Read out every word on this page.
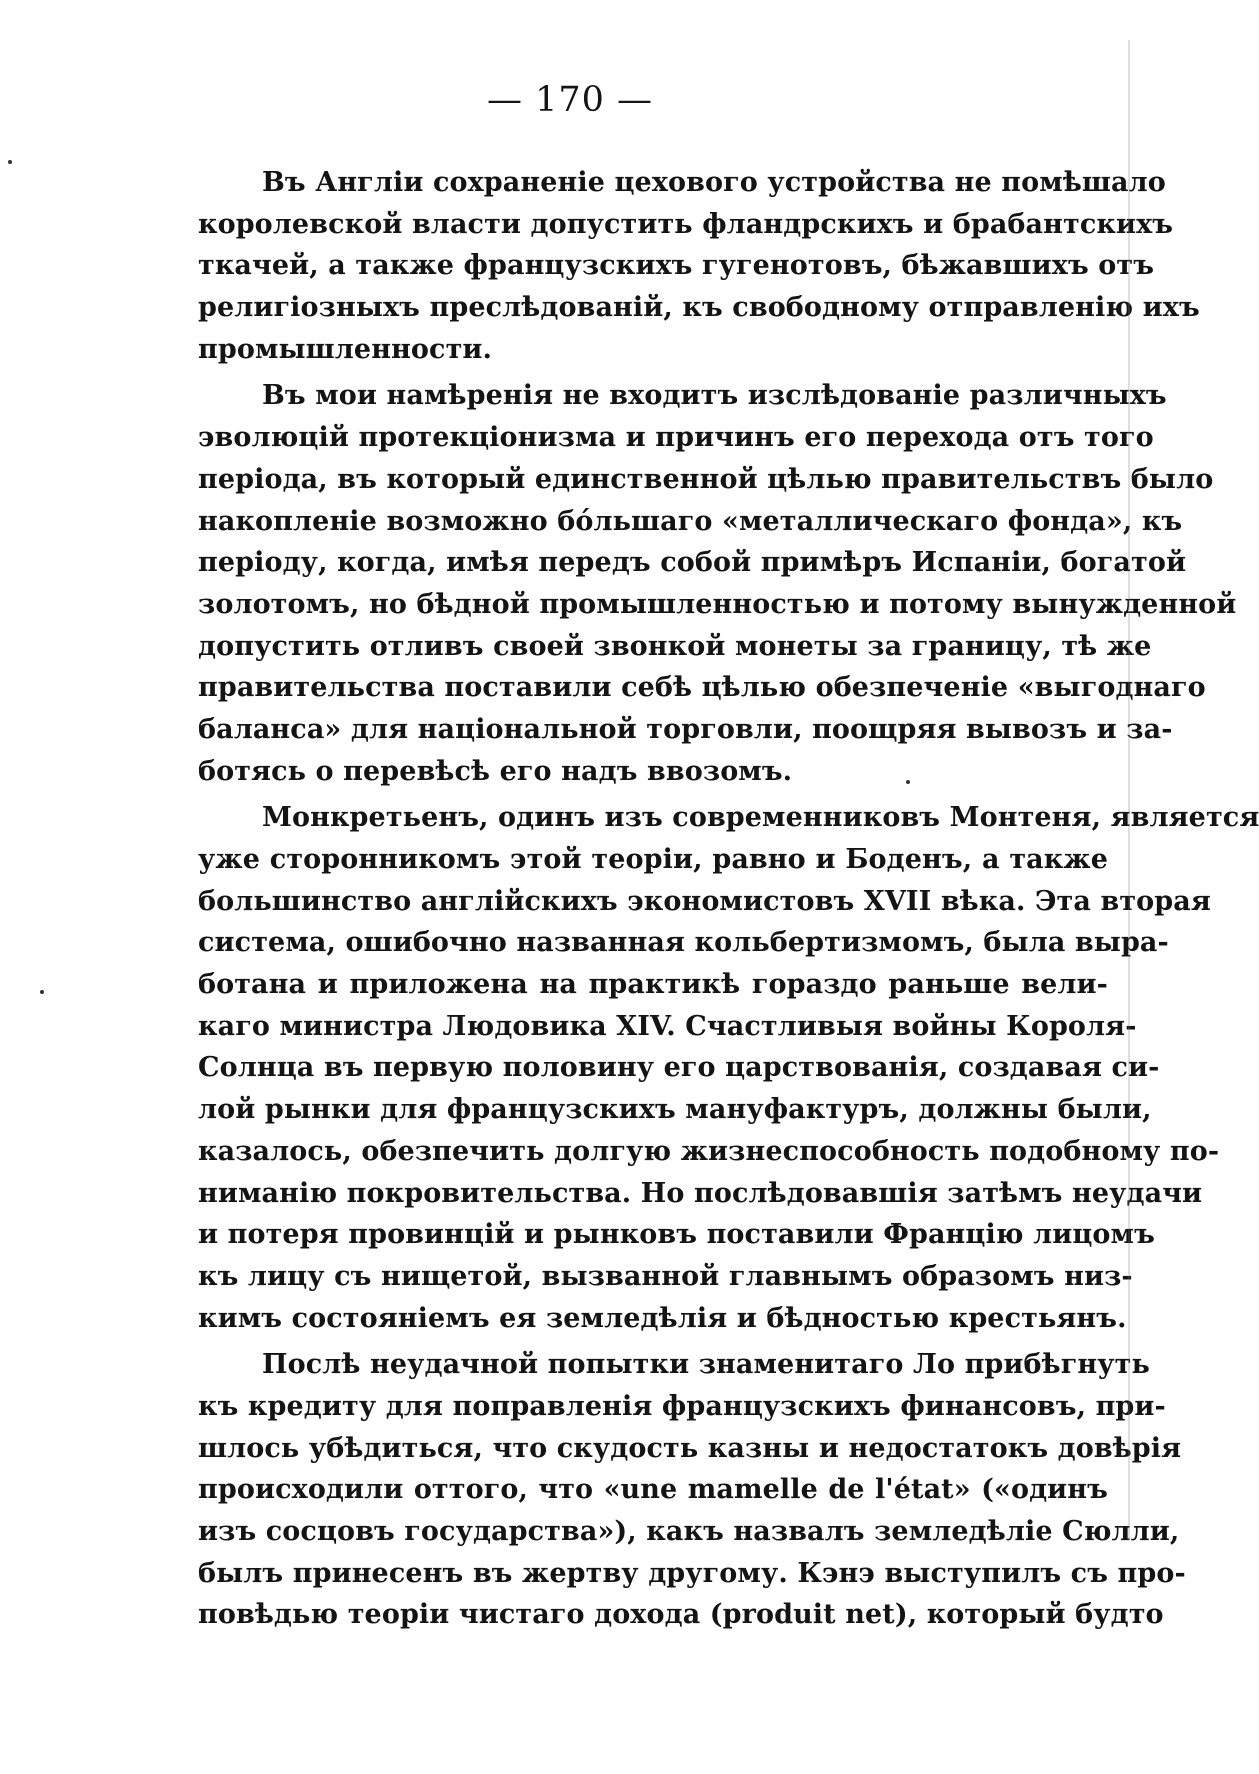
— 170 —
Въ Англіи сохраненіе цехового устройства не помѣшало
королевской власти допустить фландрскихъ и брабантскихъ
ткачей, а также французскихъ гугенотовъ, бѣжавшихъ отъ
религіозныхъ преслѣдованій, къ свободному отправленію ихъ
промышленности.
Въ мои намѣренія не входитъ изслѣдованіе различныхъ
эволюцій протекціонизма и причинъ его перехода отъ того
періода, въ который единственной цѣлью правительствъ было
накопленіе возможно бо́льшаго «металлическаго фонда», къ
періоду, когда, имѣя передъ собой примѣръ Испаніи, богатой
золотомъ, но бѣдной промышленностью и потому вынужденной
допустить отливъ своей звонкой монеты за границу, тѣ же
правительства поставили себѣ цѣлью обезпеченіе «выгоднаго
баланса» для національной торговли, поощряя вывозъ и за-
ботясь о перевѣсѣ его надъ ввозомъ.
Монкретьенъ, одинъ изъ современниковъ Монтеня, является
уже сторонникомъ этой теоріи, равно и Боденъ, а также
большинство англійскихъ экономистовъ XVII вѣка. Эта вторая
система, ошибочно названная кольбертизмомъ, была выра-
ботана и приложена на практикѣ гораздо раньше вели-
каго министра Людовика XIV. Счастливыя войны Короля-
Солнца въ первую половину его царствованія, создавая си-
лой рынки для французскихъ мануфактуръ, должны были,
казалось, обезпечить долгую жизнеспособность подобному по-
ниманію покровительства. Но послѣдовавшія затѣмъ неудачи
и потеря провинцій и рынковъ поставили Францію лицомъ
къ лицу съ нищетой, вызванной главнымъ образомъ низ-
кимъ состояніемъ ея земледѣлія и бѣдностью крестьянъ.
Послѣ неудачной попытки знаменитаго Ло прибѣгнуть
къ кредиту для поправленія французскихъ финансовъ, при-
шлось убѣдиться, что скудость казны и недостатокъ довѣрія
происходили оттого, что «une mamelle de l'état» («одинъ
изъ сосцовъ государства»), какъ назвалъ земледѣліе Сюлли,
былъ принесенъ въ жертву другому. Кэнэ выступилъ съ про-
повѣдью теоріи чистаго дохода (produit net), который будто
